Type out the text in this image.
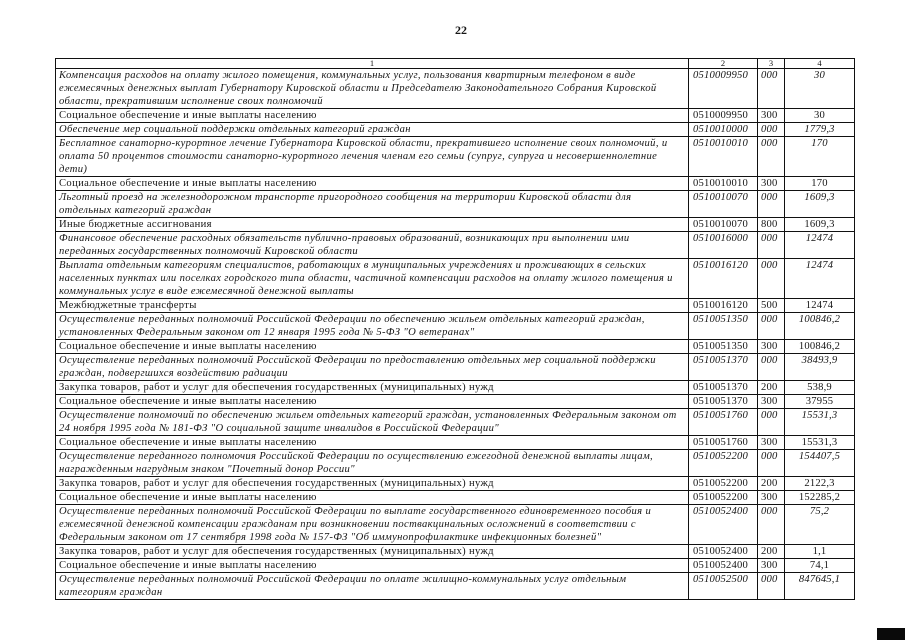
22
1	2	3	4
Компенсация расходов на оплату жилого помещения, коммунальных услуг, пользования квартирным телефоном в виде ежемесячных денежных выплат Губернатору Кировской области и Председателю Законодательного Собрания Кировской области, прекратившим исполнение своих полномочий	0510009950	000	30
Социальное обеспечение и иные выплаты населению	0510009950	300	30
Обеспечение мер социальной поддержки отдельных категорий граждан	0510010000	000	1779,3
Бесплатное санаторно-курортное лечение Губернатора Кировской области, прекратившего исполнение своих полномочий, и оплата 50 процентов стоимости санаторно-курортного лечения членам его семьи (супруг, супруга и несовершеннолетние дети)	0510010010	000	170
Социальное обеспечение и иные выплаты населению	0510010010	300	170
Льготный проезд на железнодорожном транспорте пригородного сообщения на территории Кировской области для отдельных категорий граждан	0510010070	000	1609,3
Иные бюджетные ассигнования	0510010070	800	1609,3
Финансовое обеспечение расходных обязательств публично-правовых образований, возникающих при выполнении ими переданных государственных полномочий Кировской области	0510016000	000	12474
Выплата отдельным категориям специалистов, работающих в муниципальных учреждениях и проживающих в сельских населенных пунктах или поселках городского типа области, частичной компенсации расходов на оплату жилого помещения и коммунальных услуг в виде ежемесячной денежной выплаты	0510016120	000	12474
Межбюджетные трансферты	0510016120	500	12474
Осуществление переданных полномочий Российской Федерации по обеспечению жильем отдельных категорий граждан, установленных Федеральным законом от 12 января 1995 года № 5-ФЗ "О ветеранах"	0510051350	000	100846,2
Социальное обеспечение и иные выплаты населению	0510051350	300	100846,2
Осуществление переданных полномочий Российской Федерации по предоставлению отдельных мер социальной поддержки граждан, подвергшихся воздействию радиации	0510051370	000	38493,9
Закупка товаров, работ и услуг для обеспечения государственных (муниципальных) нужд	0510051370	200	538,9
Социальное обеспечение и иные выплаты населению	0510051370	300	37955
Осуществление полномочий по обеспечению жильем отдельных категорий граждан, установленных Федеральным законом от 24 ноября 1995 года № 181-ФЗ "О социальной защите инвалидов в Российской Федерации"	0510051760	000	15531,3
Социальное обеспечение и иные выплаты населению	0510051760	300	15531,3
Осуществление переданного полномочия Российской Федерации по осуществлению ежегодной денежной выплаты лицам, награжденным нагрудным знаком "Почетный донор России"	0510052200	000	154407,5
Закупка товаров, работ и услуг для обеспечения государственных (муниципальных) нужд	0510052200	200	2122,3
Социальное обеспечение и иные выплаты населению	0510052200	300	152285,2
Осуществление переданных полномочий Российской Федерации по выплате государственного единовременного пособия и ежемесячной денежной компенсации гражданам при возникновении поствакцинальных осложнений в соответствии с Федеральным законом от 17 сентября 1998 года № 157-ФЗ "Об иммунопрофилактике инфекционных болезней"	0510052400	000	75,2
Закупка товаров, работ и услуг для обеспечения государственных (муниципальных) нужд	0510052400	200	1,1
Социальное обеспечение и иные выплаты населению	0510052400	300	74,1
Осуществление переданных полномочий Российской Федерации по оплате жилищно-коммунальных услуг отдельным категориям граждан	0510052500	000	847645,1
